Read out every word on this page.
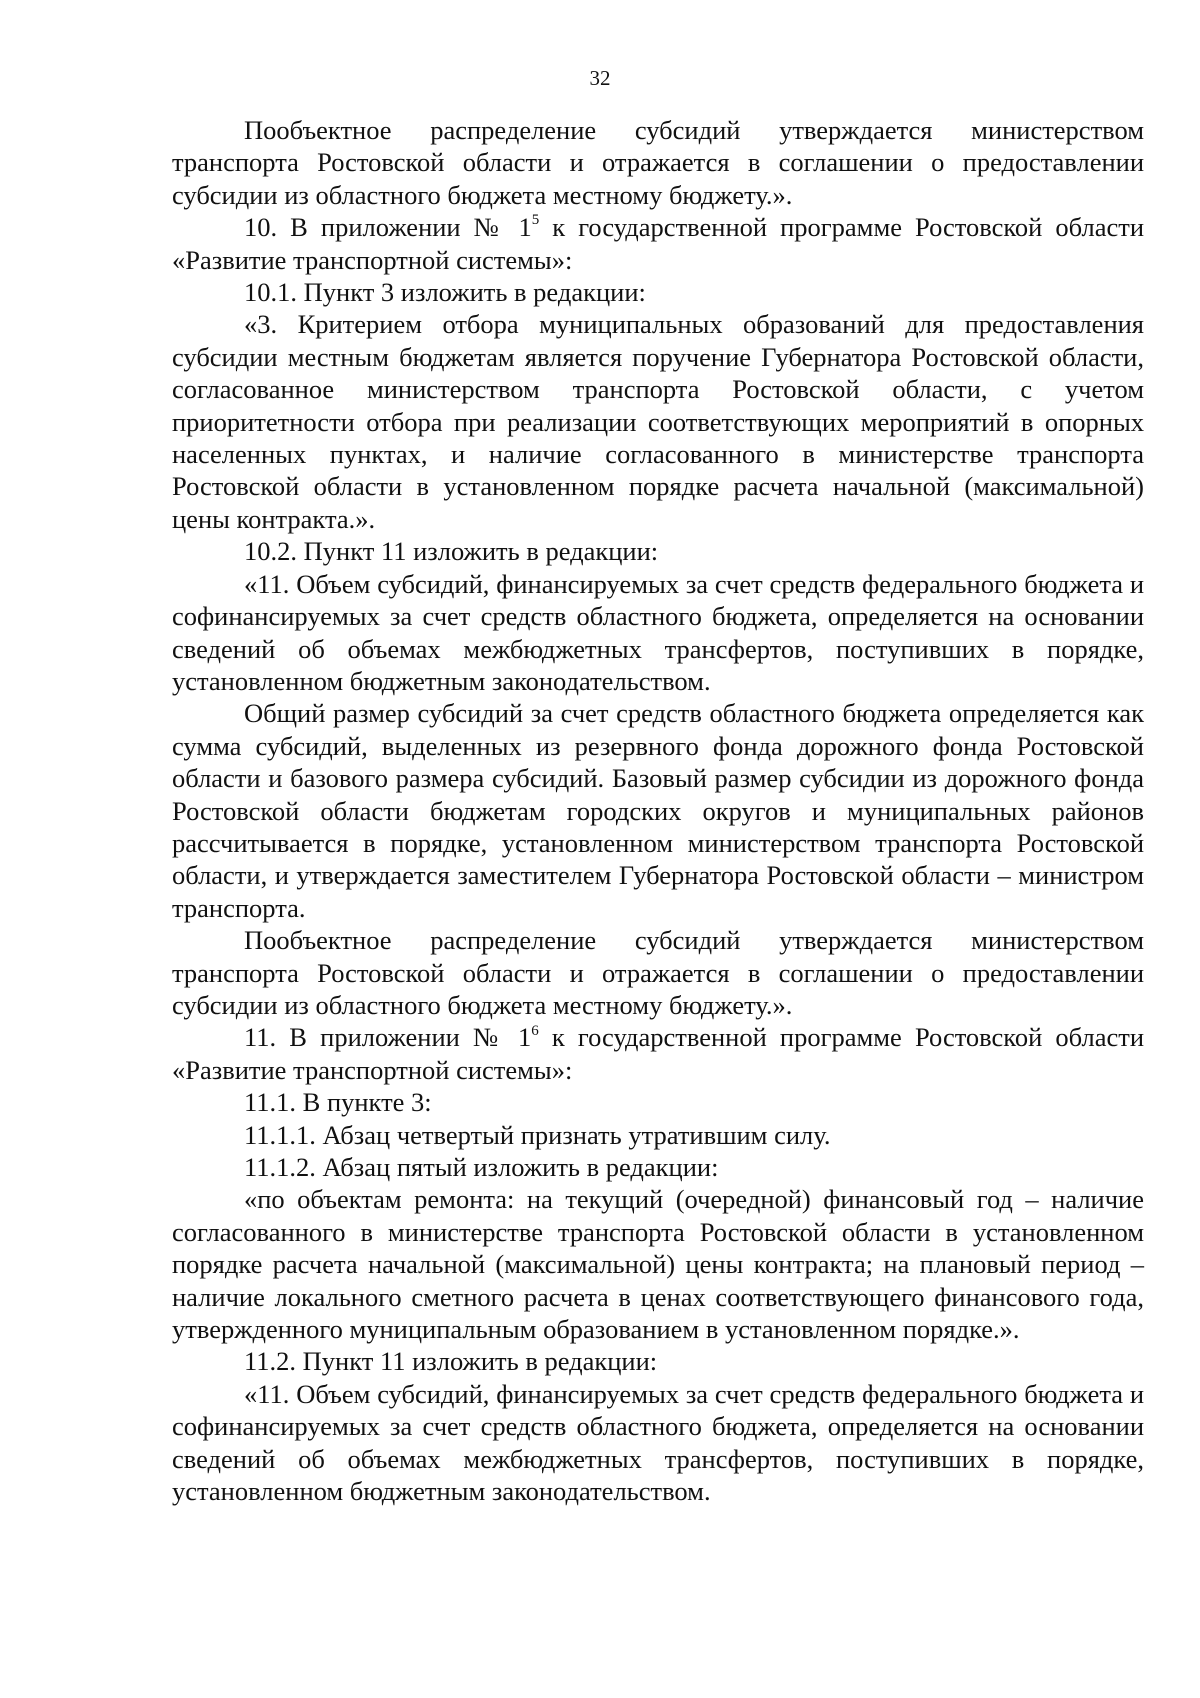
32

Пообъектное распределение субсидий утверждается министерством транспорта Ростовской области и отражается в соглашении о предоставлении субсидии из областного бюджета местному бюджету.».

10. В приложении № $1^5$ к государственной программе Ростовской области «Развитие транспортной системы»:

10.1. Пункт 3 изложить в редакции:

«3. Критерием отбора муниципальных образований для предоставления субсидии местным бюджетам является поручение Губернатора Ростовской области, согласованное министерством транспорта Ростовской области, с учетом приоритетности отбора при реализации соответствующих мероприятий в опорных населенных пунктах, и наличие согласованного в министерстве транспорта Ростовской области в установленном порядке расчета начальной (максимальной) цены контракта.».

10.2. Пункт 11 изложить в редакции:

«11. Объем субсидий, финансируемых за счет средств федерального бюджета и софинансируемых за счет средств областного бюджета, определяется на основании сведений об объемах межбюджетных трансфертов, поступивших в порядке, установленном бюджетным законодательством.

Общий размер субсидий за счет средств областного бюджета определяется как сумма субсидий, выделенных из резервного фонда дорожного фонда Ростовской области и базового размера субсидий. Базовый размер субсидии из дорожного фонда Ростовской области бюджетам городских округов и муниципальных районов рассчитывается в порядке, установленном министерством транспорта Ростовской области, и утверждается заместителем Губернатора Ростовской области – министром транспорта.

Пообъектное распределение субсидий утверждается министерством транспорта Ростовской области и отражается в соглашении о предоставлении субсидии из областного бюджета местному бюджету.».

11. В приложении № $1^6$ к государственной программе Ростовской области «Развитие транспортной системы»:

11.1. В пункте 3:

11.1.1. Абзац четвертый признать утратившим силу.

11.1.2. Абзац пятый изложить в редакции:

«по объектам ремонта: на текущий (очередной) финансовый год – наличие согласованного в министерстве транспорта Ростовской области в установленном порядке расчета начальной (максимальной) цены контракта; на плановый период – наличие локального сметного расчета в ценах соответствующего финансового года, утвержденного муниципальным образованием в установленном порядке.».

11.2. Пункт 11 изложить в редакции:

«11. Объем субсидий, финансируемых за счет средств федерального бюджета и софинансируемых за счет средств областного бюджета, определяется на основании сведений об объемах межбюджетных трансфертов, поступивших в порядке, установленном бюджетным законодательством.
